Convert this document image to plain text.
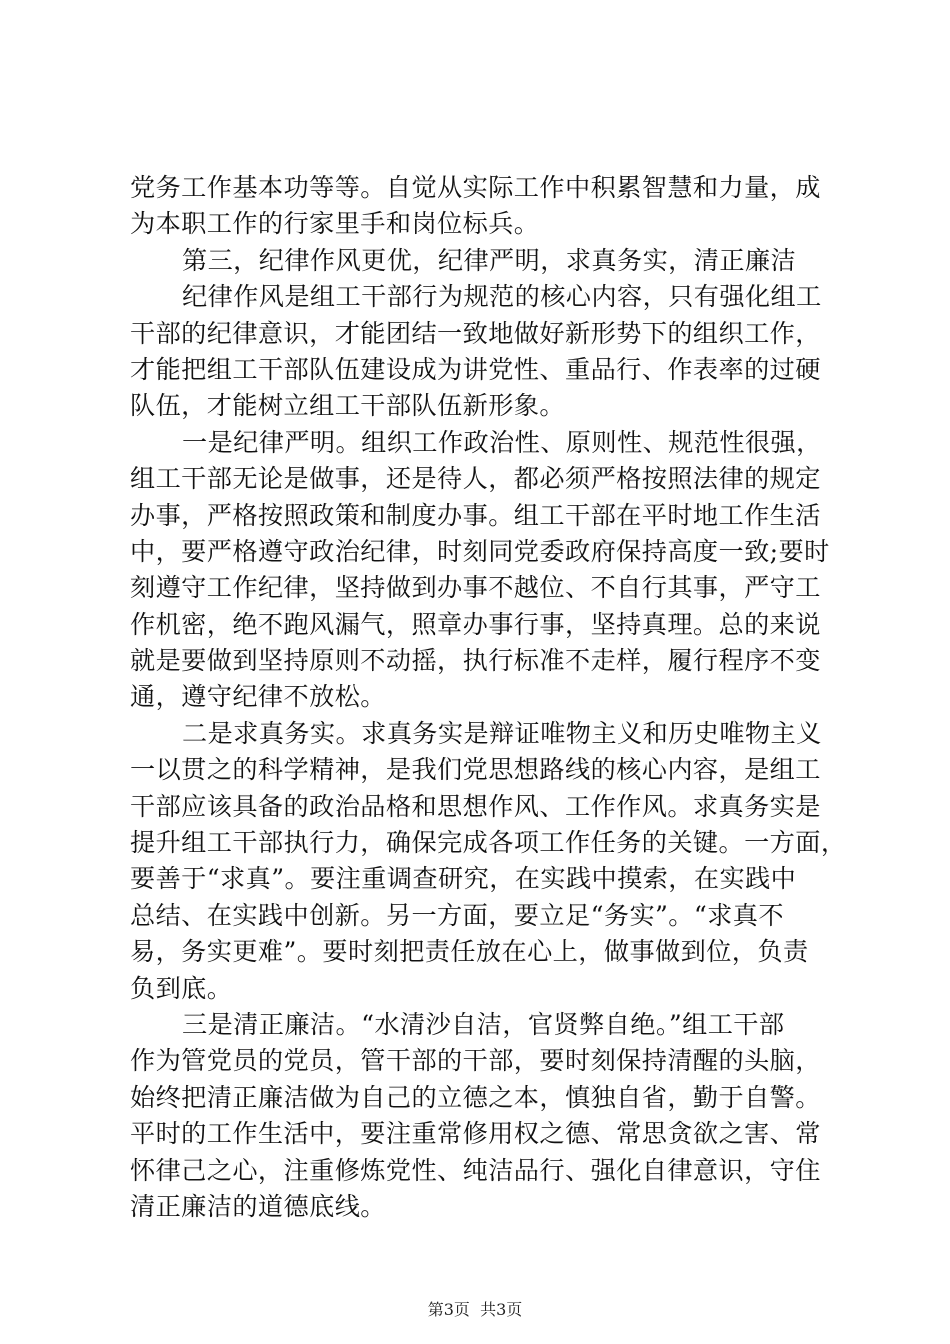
党务工作基本功等等。自觉从实际工作中积累智慧和力量，成
为本职工作的行家里手和岗位标兵。
第三，纪律作风更优，纪律严明，求真务实，清正廉洁
纪律作风是组工干部行为规范的核心内容，只有强化组工
干部的纪律意识，才能团结一致地做好新形势下的组织工作，
才能把组工干部队伍建设成为讲党性、重品行、作表率的过硬
队伍，才能树立组工干部队伍新形象。
一是纪律严明。组织工作政治性、原则性、规范性很强，
组工干部无论是做事，还是待人，都必须严格按照法律的规定
办事，严格按照政策和制度办事。组工干部在平时地工作生活
中，要严格遵守政治纪律，时刻同党委政府保持高度一致;要时
刻遵守工作纪律，坚持做到办事不越位、不自行其事，严守工
作机密，绝不跑风漏气，照章办事行事，坚持真理。总的来说
就是要做到坚持原则不动摇，执行标准不走样，履行程序不变
通，遵守纪律不放松。
二是求真务实。求真务实是辩证唯物主义和历史唯物主义
一以贯之的科学精神，是我们党思想路线的核心内容，是组工
干部应该具备的政治品格和思想作风、工作作风。求真务实是
提升组工干部执行力，确保完成各项工作任务的关键。一方面，
要善于“求真”。要注重调查研究，在实践中摸索，在实践中
总结、在实践中创新。另一方面，要立足“务实”。“求真不
易，务实更难”。要时刻把责任放在心上，做事做到位，负责
负到底。
三是清正廉洁。“水清沙自洁，官贤弊自绝。”组工干部
作为管党员的党员，管干部的干部，要时刻保持清醒的头脑，
始终把清正廉洁做为自己的立德之本，慎独自省，勤于自警。
平时的工作生活中，要注重常修用权之德、常思贪欲之害、常
怀律己之心，注重修炼党性、纯洁品行、强化自律意识，守住
清正廉洁的道德底线。
第3页  共3页
